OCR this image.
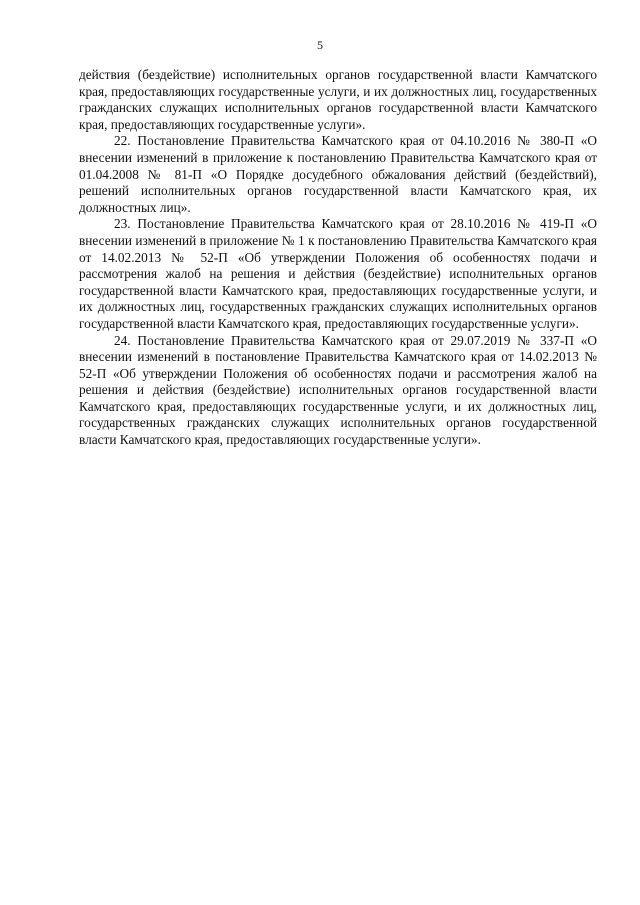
5

действия (бездействие) исполнительных органов государственной власти Камчатского края, предоставляющих государственные услуги, и их должностных лиц, государственных гражданских служащих исполнительных органов государственной власти Камчатского края, предоставляющих государственные услуги».

22. Постановление Правительства Камчатского края от 04.10.2016 № 380-П «О внесении изменений в приложение к постановлению Правительства Камчатского края от 01.04.2008 № 81-П «О Порядке досудебного обжалования действий (бездействий), решений исполнительных органов государственной власти Камчатского края, их должностных лиц».

23. Постановление Правительства Камчатского края от 28.10.2016 № 419-П «О внесении изменений в приложение № 1 к постановлению Правительства Камчатского края от 14.02.2013 № 52-П «Об утверждении Положения об особенностях подачи и рассмотрения жалоб на решения и действия (бездействие) исполнительных органов государственной власти Камчатского края, предоставляющих государственные услуги, и их должностных лиц, государственных гражданских служащих исполнительных органов государственной власти Камчатского края, предоставляющих государственные услуги».

24. Постановление Правительства Камчатского края от 29.07.2019 № 337-П «О внесении изменений в постановление Правительства Камчатского края от 14.02.2013 № 52-П «Об утверждении Положения об особенностях подачи и рассмотрения жалоб на решения и действия (бездействие) исполнительных органов государственной власти Камчатского края, предоставляющих государственные услуги, и их должностных лиц, государственных гражданских служащих исполнительных органов государственной власти Камчатского края, предоставляющих государственные услуги».
